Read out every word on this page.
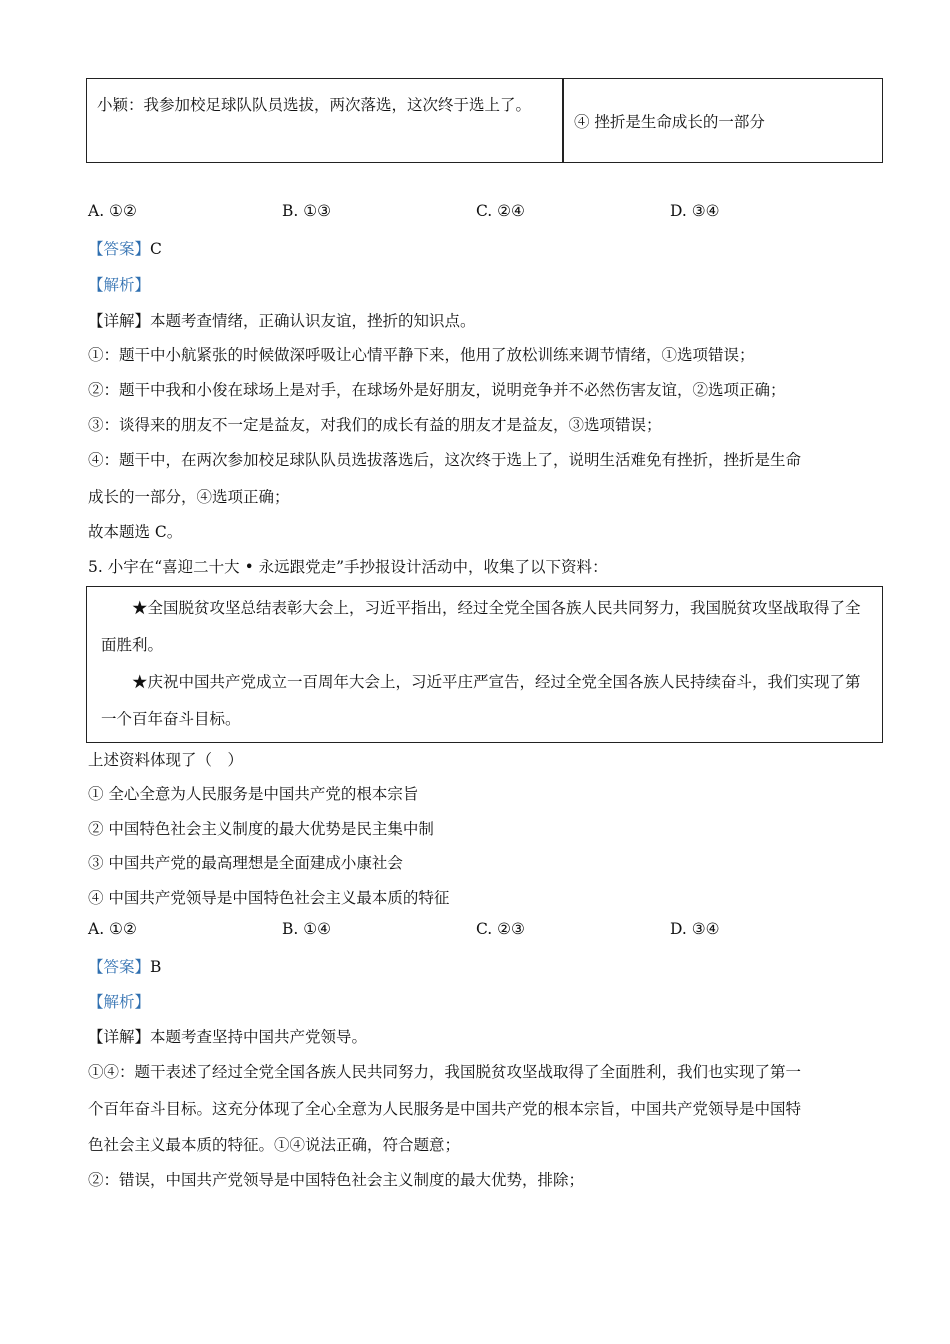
小颖：我参加校足球队队员选拔，两次落选，这次终于选上了。
④ 挫折是生命成长的一部分
A. ①②	B. ①③	C. ②④	D. ③④
【答案】C
【解析】
【详解】本题考查情绪，正确认识友谊，挫折的知识点。
①：题干中小航紧张的时候做深呼吸让心情平静下来，他用了放松训练来调节情绪，①选项错误；
②：题干中我和小俊在球场上是对手，在球场外是好朋友，说明竞争并不必然伤害友谊，②选项正确；
③：谈得来的朋友不一定是益友，对我们的成长有益的朋友才是益友，③选项错误；
④：题干中，在两次参加校足球队队员选拔落选后，这次终于选上了，说明生活难免有挫折，挫折是生命
成长的一部分，④选项正确；
故本题选 C。
5. 小宇在“喜迎二十大 • 永远跟党走”手抄报设计活动中，收集了以下资料：

★全国脱贫攻坚总结表彰大会上，习近平指出，经过全党全国各族人民共同努力，我国脱贫攻坚战取得了全面胜利。

★庆祝中国共产党成立一百周年大会上，习近平庄严宣告，经过全党全国各族人民持续奋斗，我们实现了第一个百年奋斗目标。

上述资料体现了（　）
① 全心全意为人民服务是中国共产党的根本宗旨
② 中国特色社会主义制度的最大优势是民主集中制
③ 中国共产党的最高理想是全面建成小康社会
④ 中国共产党领导是中国特色社会主义最本质的特征
A. ①②	B. ①④	C. ②③	D. ③④
【答案】B
【解析】
【详解】本题考查坚持中国共产党领导。
①④：题干表述了经过全党全国各族人民共同努力，我国脱贫攻坚战取得了全面胜利，我们也实现了第一
个百年奋斗目标。这充分体现了全心全意为人民服务是中国共产党的根本宗旨，中国共产党领导是中国特
色社会主义最本质的特征。①④说法正确，符合题意；
②：错误，中国共产党领导是中国特色社会主义制度的最大优势，排除；
